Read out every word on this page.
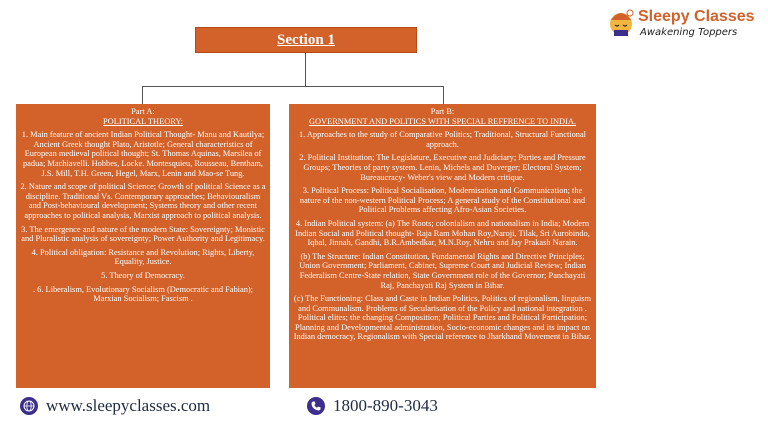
Sleepy Classes
Awakening Toppers
Section 1

Part A:

POLITICAL THEORY:

1. Main feature of ancient Indian Political Thought- Manu and Kautilya; Ancient Greek thought Plato, Aristotle; General characteristics of European medieval political thought; St. Thomas Aquinas, Marsilea of padua; Machiavelli. Hobbes, Locke. Montesquieu, Rousseau, Bentham, J.S. Mill, T.H. Green, Hegel, Marx, Lenin and Mao-se Tung.

2. Nature and scope of political Science; Growth of political Science as a discipline. Traditional Vs. Contemporary approaches; Behaviouralism and Post-behavioural development; Systems theory and other recent approaches to political analysis, Marxist approach to political analysis.

3. The emergence and nature of the modern State: Sovereignty; Monistic and Pluralistic analysis of sovereignty; Power Authority and Legitimacy.

4. Political obligation: Resistance and Revolution; Rights, Liberty, Equality, Justice.

5. Theory of Democracy.

. 6. Liberalism, Evolutionary Socialism (Democratic and Fabian); Marxian Socialism; Fascism .

Part B:

GOVERNMENT AND POLITICS WITH SPECIAL REFFRENCE TO INDIA.

1. Approaches to the study of Comparative Politics; Traditional, Structural Functional approach.

2. Political Institution; The Legislature, Executive and Judiciary; Parties and Pressure Groups; Theories of party system. Lenin, Michels and Duverger; Electoral System; Bureaucracy- Weber's view and Modern critique.

3. Political Process: Political Socialisation, Modernisation and Communication; the nature of the non-western Political Process; A general study of the Constitutional and Political Problems affecting Afro-Asian Societies.

4. Indian Political system: (a) The Roots; colonialism and nationalism in India; Modern Indian Social and Political thought- Raja Ram Mohan Roy,Naroji, Tilak, Sri Aurobindo, Iqbal, Jinnah, Gandhi, B.R.Ambedkar, M.N.Roy, Nehru and Jay Prakash Narain.

(b) The Structure: Indian Constitution, Fundamental Rights and Directive Principles; Union Government; Parliament, Cabinet, Supreme Court and Judicial Review; Indian Federalism Centre-State relation, State Government role of the Governor; Panchayati Raj, Panchayati Raj System in Bihar.

(c) The Functioning: Class and Caste in Indian Politics, Politics of regionalism, linguism and Communalism. Problems of Secularisation of the Policy and national integration . Political elites; the changing Composition; Political Parties and Political Participation; Planning and Developmental administration, Socio-economic changes and its impact on Indian democracy, Regionalism with Special reference to Jharkhand Movement in Bihar.

www.sleepyclasses.com	1800-890-3043
